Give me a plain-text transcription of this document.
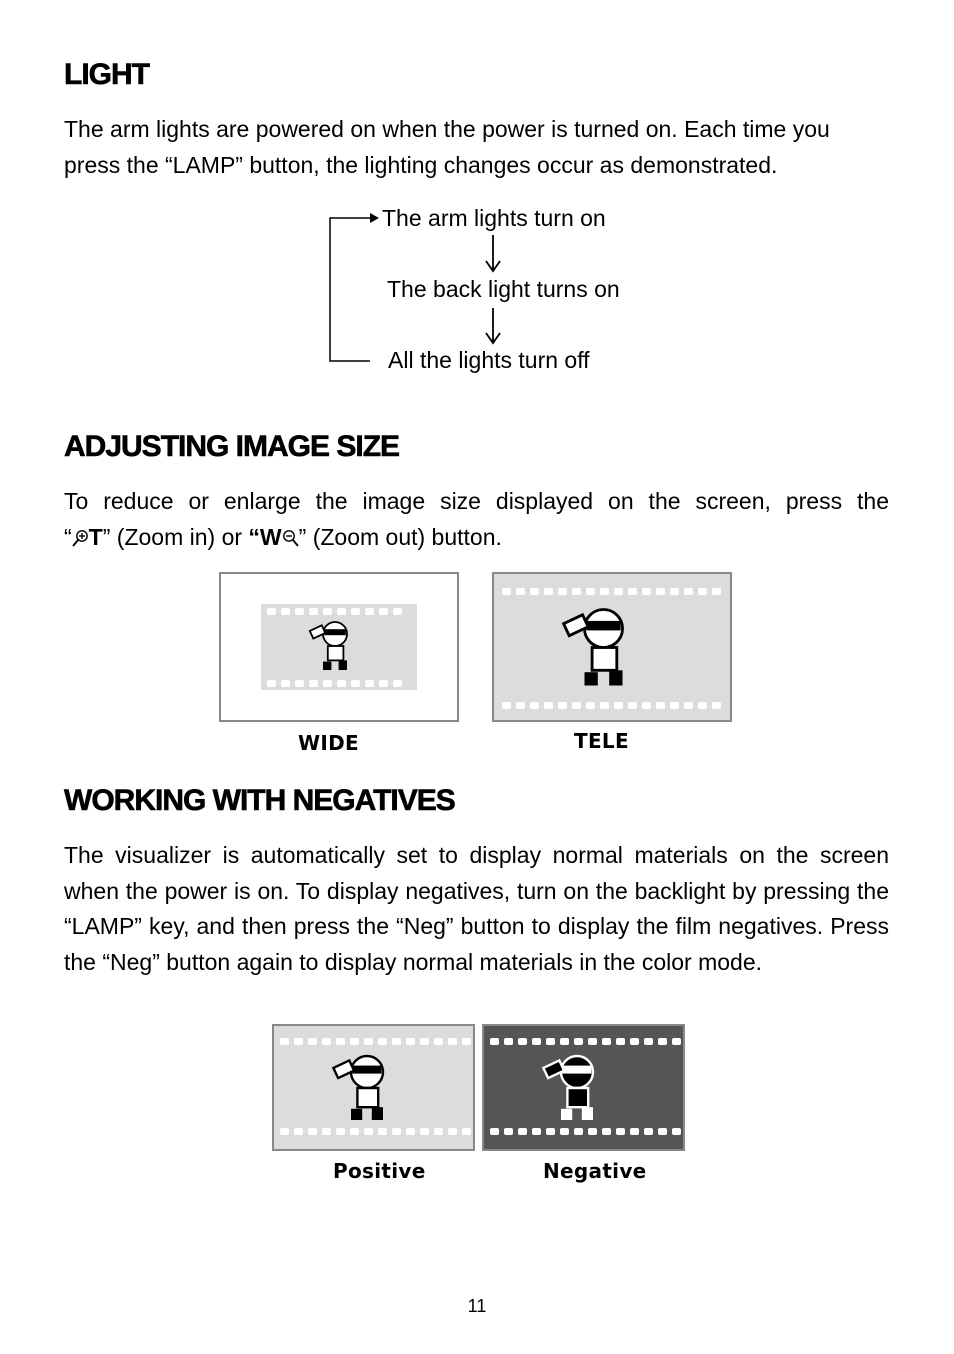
LIGHT

The arm lights are powered on when the power is turned on. Each time you press the “LAMP” button, the lighting changes occur as demonstrated.

The arm lights turn on
The back light turns on
All the lights turn off
ADJUSTING IMAGE SIZE

To reduce or enlarge the image size displayed on the screen, press the
“ T” (Zoom in) or “W ” (Zoom out) button.

WIDE	TELE
WORKING WITH NEGATIVES

The visualizer is automatically set to display normal materials on the screen when the power is on. To display negatives, turn on the backlight by pressing the “LAMP” key, and then press the “Neg” button to display the film negatives. Press the “Neg” button again to display normal materials in the color mode.

Positive	Negative
11
